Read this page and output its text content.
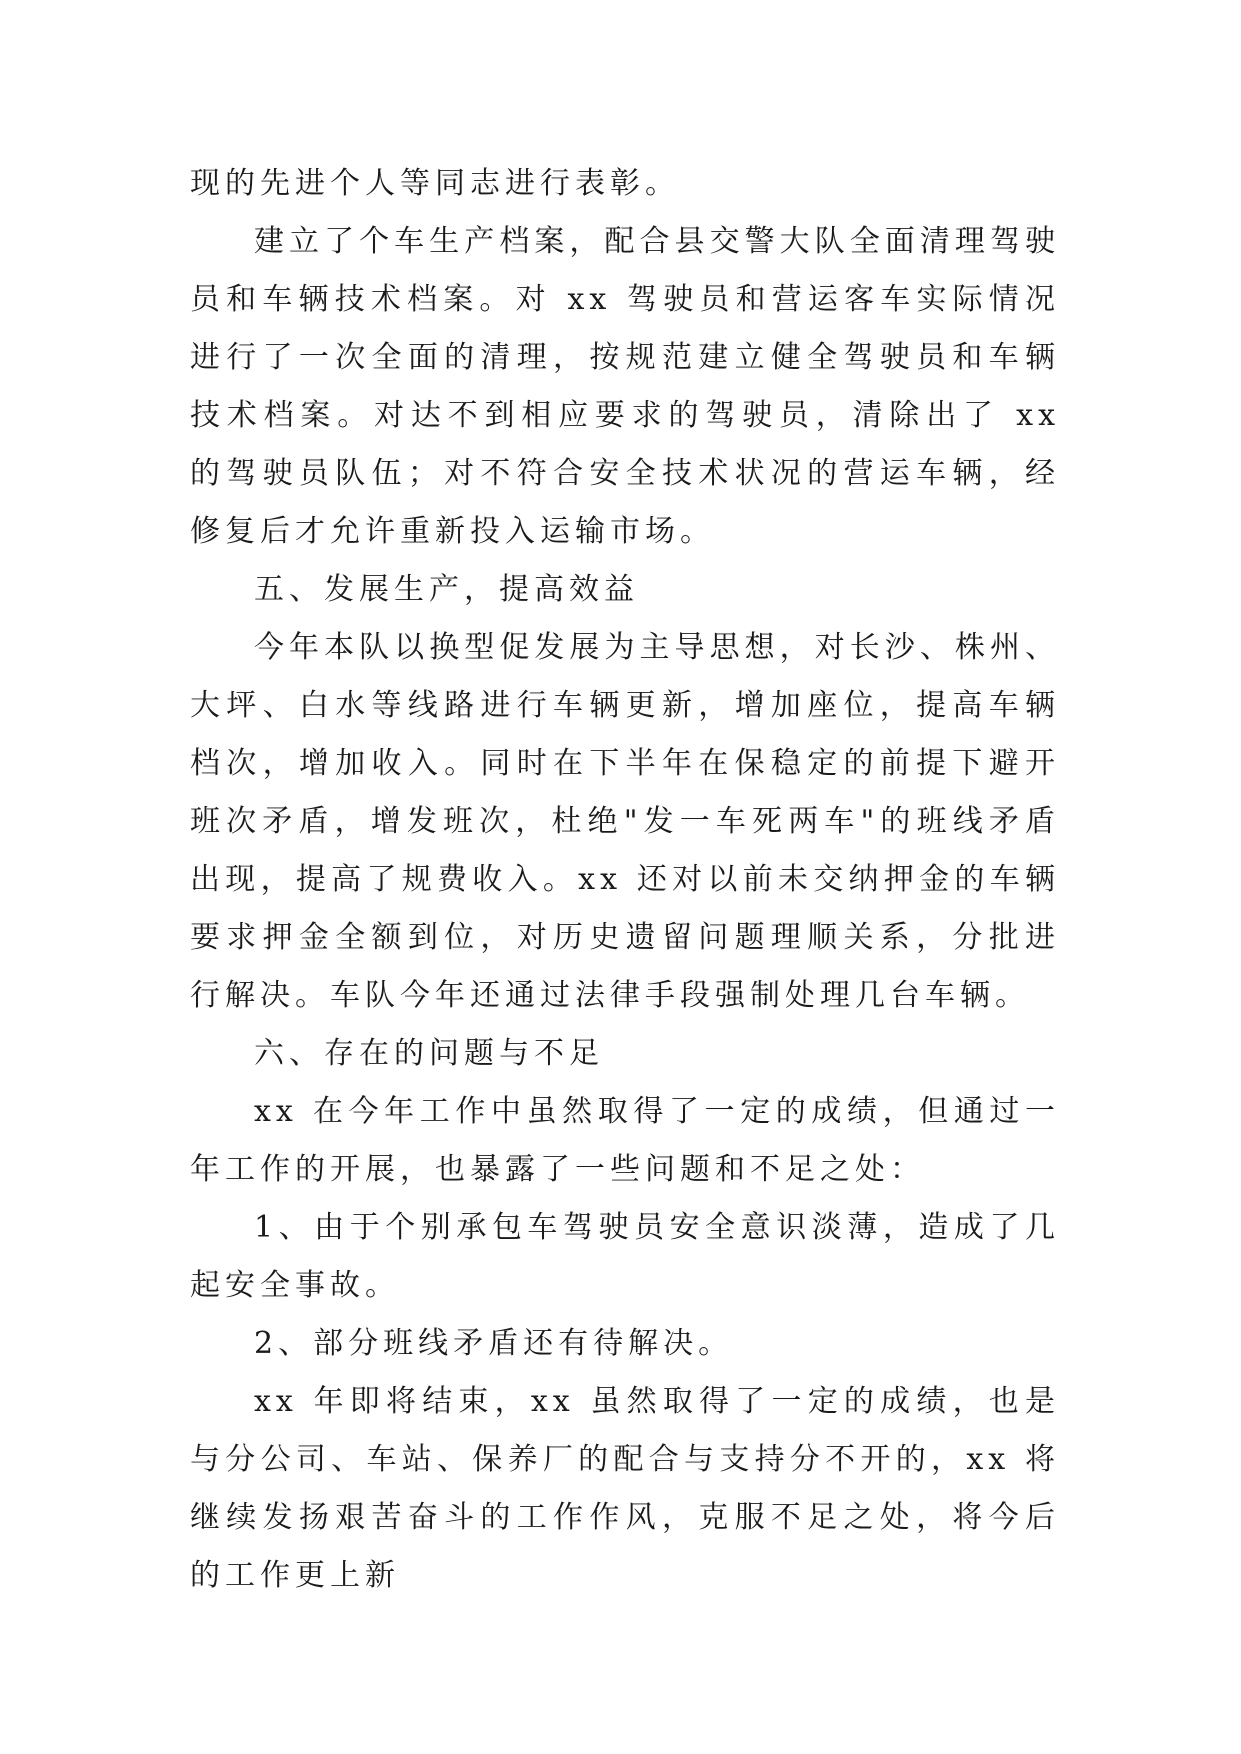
现的先进个人等同志进行表彰。

建立了个车生产档案，配合县交警大队全面清理驾驶员和车辆技术档案。对 xx 驾驶员和营运客车实际情况进行了一次全面的清理，按规范建立健全驾驶员和车辆技术档案。对达不到相应要求的驾驶员，清除出了 xx 的驾驶员队伍；对不符合安全技术状况的营运车辆，经修复后才允许重新投入运输市场。

五、发展生产，提高效益

今年本队以换型促发展为主导思想，对长沙、株州、大坪、白水等线路进行车辆更新，增加座位，提高车辆档次，增加收入。同时在下半年在保稳定的前提下避开班次矛盾，增发班次，杜绝"发一车死两车"的班线矛盾出现，提高了规费收入。xx 还对以前未交纳押金的车辆要求押金全额到位，对历史遗留问题理顺关系，分批进行解决。车队今年还通过法律手段强制处理几台车辆。

六、存在的问题与不足

xx 在今年工作中虽然取得了一定的成绩，但通过一年工作的开展，也暴露了一些问题和不足之处：

1、由于个别承包车驾驶员安全意识淡薄，造成了几起安全事故。

2、部分班线矛盾还有待解决。

xx 年即将结束，xx 虽然取得了一定的成绩，也是与分公司、车站、保养厂的配合与支持分不开的，xx 将继续发扬艰苦奋斗的工作作风，克服不足之处，将今后的工作更上新
